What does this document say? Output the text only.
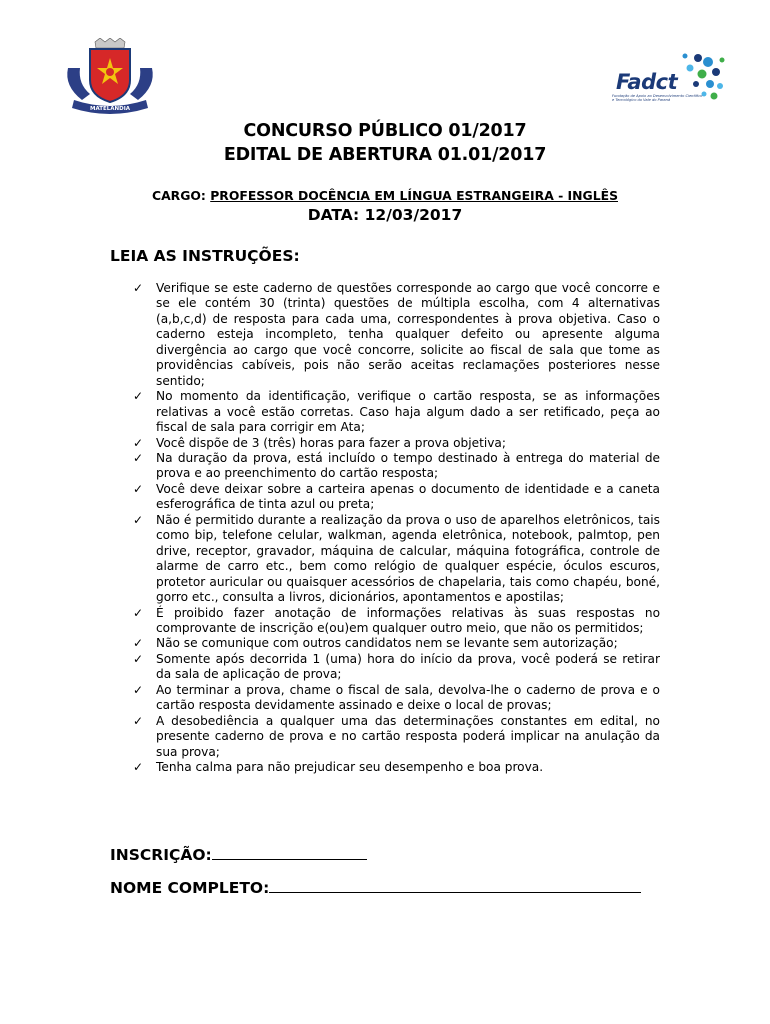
MATELÂNDIA
Fadct
Fundação de Apoio ao Desenvolvimento Científico e Tecnológico do Vale do Paraná
CONCURSO PÚBLICO 01/2017
EDITAL DE ABERTURA 01.01/2017
CARGO: PROFESSOR DOCÊNCIA EM LÍNGUA ESTRANGEIRA - INGLÊS
DATA: 12/03/2017
LEIA AS INSTRUÇÕES:
✓ Verifique se este caderno de questões corresponde ao cargo que você concorre e se ele contém 30 (trinta) questões de múltipla escolha, com 4 alternativas (a,b,c,d) de resposta para cada uma, correspondentes à prova objetiva. Caso o caderno esteja incompleto, tenha qualquer defeito ou apresente alguma divergência ao cargo que você concorre, solicite ao fiscal de sala que tome as providências cabíveis, pois não serão aceitas reclamações posteriores nesse sentido;
✓ No momento da identificação, verifique o cartão resposta, se as informações relativas a você estão corretas. Caso haja algum dado a ser retificado, peça ao fiscal de sala para corrigir em Ata;
✓ Você dispõe de 3 (três) horas para fazer a prova objetiva;
✓ Na duração da prova, está incluído o tempo destinado à entrega do material de prova e ao preenchimento do cartão resposta;
✓ Você deve deixar sobre a carteira apenas o documento de identidade e a caneta esferográfica de tinta azul ou preta;
✓ Não é permitido durante a realização da prova o uso de aparelhos eletrônicos, tais como bip, telefone celular, walkman, agenda eletrônica, notebook, palmtop, pen drive, receptor, gravador, máquina de calcular, máquina fotográfica, controle de alarme de carro etc., bem como relógio de qualquer espécie, óculos escuros, protetor auricular ou quaisquer acessórios de chapelaria, tais como chapéu, boné, gorro etc., consulta a livros, dicionários, apontamentos e apostilas;
✓ É proibido fazer anotação de informações relativas às suas respostas no comprovante de inscrição e(ou)em qualquer outro meio, que não os permitidos;
✓ Não se comunique com outros candidatos nem se levante sem autorização;
✓ Somente após decorrida 1 (uma) hora do início da prova, você poderá se retirar da sala de aplicação de prova;
✓ Ao terminar a prova, chame o fiscal de sala, devolva-lhe o caderno de prova e o cartão resposta devidamente assinado e deixe o local de provas;
✓ A desobediência a qualquer uma das determinações constantes em edital, no presente caderno de prova e no cartão resposta poderá implicar na anulação da sua prova;
✓ Tenha calma para não prejudicar seu desempenho e boa prova.
INSCRIÇÃO:
NOME COMPLETO:
